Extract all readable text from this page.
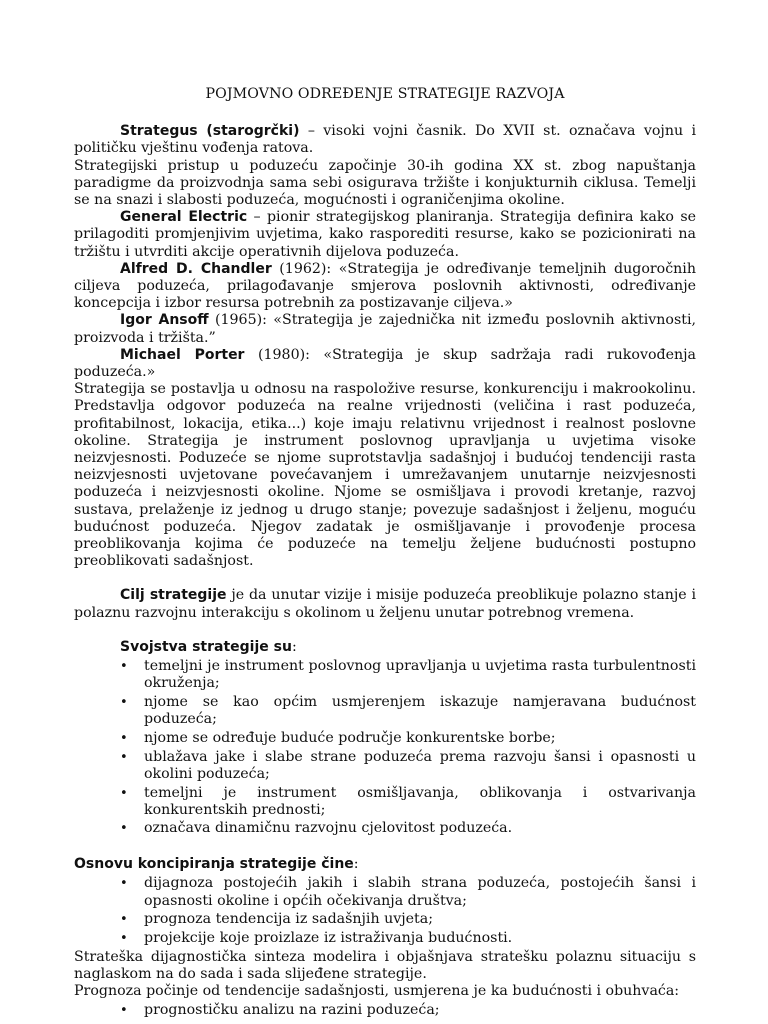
POJMOVNO ODREĐENJE STRATEGIJE RAZVOJA

Strategus (starogrčki) – visoki vojni časnik. Do XVII st. označava vojnu i političku vještinu vođenja ratova.

Strategijski pristup u poduzeću započinje 30-ih godina XX st. zbog napuštanja paradigme da proizvodnja sama sebi osigurava tržište i konjukturnih ciklusa. Temelji se na snazi i slabosti poduzeća, mogućnosti i ograničenjima okoline.

General Electric – pionir strategijskog planiranja. Strategija definira kako se prilagoditi promjenjivim uvjetima, kako rasporediti resurse, kako se pozicionirati na tržištu i utvrditi akcije operativnih dijelova poduzeća.

Alfred D. Chandler (1962): «Strategija je određivanje temeljnih dugoročnih ciljeva poduzeća, prilagođavanje smjerova poslovnih aktivnosti, određivanje koncepcija i izbor resursa potrebnih za postizavanje ciljeva.»

Igor Ansoff (1965): «Strategija je zajednička nit između poslovnih aktivnosti, proizvoda i tržišta.”

Michael Porter (1980): «Strategija je skup sadržaja radi rukovođenja poduzeća.»

Strategija se postavlja u odnosu na raspoložive resurse, konkurenciju i makrookolinu. Predstavlja odgovor poduzeća na realne vrijednosti (veličina i rast poduzeća, profitabilnost, lokacija, etika...) koje imaju relativnu vrijednost i realnost poslovne okoline. Strategija je instrument poslovnog upravljanja u uvjetima visoke neizvjesnosti. Poduzeće se njome suprotstavlja sadašnjoj i budućoj tendenciji rasta neizvjesnosti uvjetovane povećavanjem i umrežavanjem unutarnje neizvjesnosti poduzeća i neizvjesnosti okoline. Njome se osmišljava i provodi kretanje, razvoj sustava, prelaženje iz jednog u drugo stanje; povezuje sadašnjost i željenu, moguću budućnost poduzeća. Njegov zadatak je osmišljavanje i provođenje procesa preoblikovanja kojima će poduzeće na temelju željene budućnosti postupno preoblikovati sadašnjost.

Cilj strategije je da unutar vizije i misije poduzeća preoblikuje polazno stanje i polaznu razvojnu interakciju s okolinom u željenu unutar potrebnog vremena.

Svojstva strategije su:

• temeljni je instrument poslovnog upravljanja u uvjetima rasta turbulentnosti okruženja;
• njome se kao općim usmjerenjem iskazuje namjeravana budućnost poduzeća;
• njome se određuje buduće područje konkurentske borbe;
• ublažava jake i slabe strane poduzeća prema razvoju šansi i opasnosti u okolini poduzeća;
• temeljni je instrument osmišljavanja, oblikovanja i ostvarivanja konkurentskih prednosti;
• označava dinamičnu razvojnu cjelovitost poduzeća.

Osnovu koncipiranja strategije čine:

• dijagnoza postojećih jakih i slabih strana poduzeća, postojećih šansi i opasnosti okoline i općih očekivanja društva;
• prognoza tendencija iz sadašnjih uvjeta;
• projekcije koje proizlaze iz istraživanja budućnosti.

Strateška dijagnostička sinteza modelira i objašnjava stratešku polaznu situaciju s naglaskom na do sada i sada slijeđene strategije.

Prognoza počinje od tendencije sadašnjosti, usmjerena je ka budućnosti i obuhvaća:

• prognostičku analizu na razini poduzeća;
